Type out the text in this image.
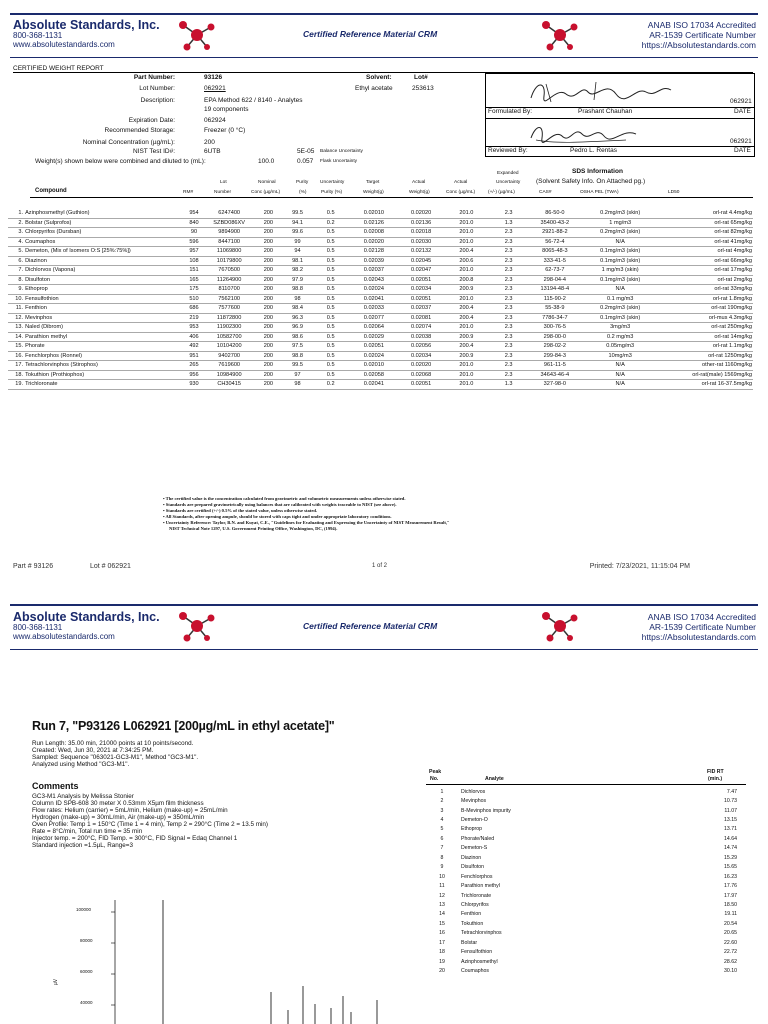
Absolute Standards, Inc.
800-368-1131
www.absolutestandards.com
Certified Reference Material CRM
ANAB ISO 17034 Accredited
AR-1539 Certificate Number
https://Absolutestandards.com
CERTIFIED WEIGHT REPORT
Part Number:	93126
Lot Number:	062921
Description:	EPA Method 622 / 8140 - Analytes
19 components
Expiration Date:	062924
Recommended Storage:	Freezer (0 °C)
Nominal Concentration (µg/mL):	200
NIST Test ID#:	6UTB	5E-05 Balance Uncertainty
Weight(s) shown below were combined and diluted to (mL):	100.0	0.057 Flask Uncertainty
Solvent:
Ethyl acetate
Lot#
253613
Formulated By:	Prashant Chauhan
062921
DATE
Reviewed By:	Pedro L. Rentas
062921
DATE
Expanded	SDS Information
Lot	Nominal	Purity Uncertainty	Target	Actual	Actual	Uncertainty (Solvent Safety Info. On Attached pg.)
Compound	RM#	Number	Conc (µg/mL)	(%)	Purity (%)	Weight(g)	Weight(g)	Conc (µg/mL)	(+/-) (µg/mL)	CAS#	OSHA PEL (TWA)	LD50
1.	Azinphosmethyl (Guthion)	954	6247400	200	99.5	0.5	0.02010	0.02020	201.0	2.3	86-50-0	0.2mg/m3 (skin)	orl-rat 4.4mg/kg
2.	Bolstar (Sulprofos)	840	SZBD086XV	200	94.1	0.2	0.02126	0.02136	201.0	1.3	35400-43-2	1 mg/m3	orl-rat 65mg/kg
3.	Chlorpyrifos (Dursban)	90	9894900	200	99.6	0.5	0.02008	0.02018	201.0	2.3	2921-88-2	0.2mg/m3 (skin)	orl-rat 82mg/kg
4.	Coumaphos	596	8447100	200	99	0.5	0.02020	0.02030	201.0	2.3	56-72-4	N/A	orl-rat 41mg/kg
5.	Demeton, (Mix of Isomers O:S [25%:75%])	957	11069800	200	94	0.5	0.02128	0.02132	200.4	2.3	8065-48-3	0.1mg/m3 (skin)	orl-rat 4mg/kg
6.	Diazinon	108	10179800	200	98.1	0.5	0.02039	0.02045	200.6	2.3	333-41-5	0.1mg/m3 (skin)	orl-rat 66mg/kg
7.	Dichlorvos (Vapona)	151	7670500	200	98.2	0.5	0.02037	0.02047	201.0	2.3	62-73-7	1 mg/m3 (skin)	orl-rat 17mg/kg
8.	Disulfoton	165	11264900	200	97.9	0.5	0.02043	0.02051	200.8	2.3	298-04-4	0.1mg/m3 (skin)	orl-rat 2mg/kg
9.	Ethoprop	175	8110700	200	98.8	0.5	0.02024	0.02034	200.9	2.3	13194-48-4	N/A	orl-rat 33mg/kg
10.	Fensulfothion	510	7562100	200	98	0.5	0.02041	0.02051	201.0	2.3	115-90-2	0.1 mg/m3	orl-rat 1.8mg/kg
11.	Fenthion	686	7577600	200	98.4	0.5	0.02033	0.02037	200.4	2.3	55-38-9	0.2mg/m3 (skin)	orl-rat 190mg/kg
12.	Mevinphos	219	11872800	200	96.3	0.5	0.02077	0.02081	200.4	2.3	7786-34-7	0.1mg/m3 (skin)	orl-mus 4.3mg/kg
13.	Naled (Dibrom)	953	11902300	200	96.9	0.5	0.02064	0.02074	201.0	2.3	300-76-5	3mg/m3	orl-rat 250mg/kg
14.	Parathion methyl	406	10582700	200	98.6	0.5	0.02029	0.02038	200.9	2.3	298-00-0	0.2 mg/m3	orl-rat 14mg/kg
15.	Phorate	492	10104200	200	97.5	0.5	0.02051	0.02056	200.4	2.3	298-02-2	0.05mg/m3	orl-rat 1.1mg/kg
16.	Fenchlorphos (Ronnel)	951	9402700	200	98.8	0.5	0.02024	0.02034	200.9	2.3	299-84-3	10mg/m3	orl-rat 1250mg/kg
17.	Tetrachlorvinphos (Stirophos)	265	7619600	200	99.5	0.5	0.02010	0.02020	201.0	2.3	961-11-5	N/A	other-rat 1160mg/kg
18.	Tokuthion (Prothiophos)	956	10984900	200	97	0.5	0.02058	0.02068	201.0	2.3	34643-46-4	N/A	orl-rat(male) 1569mg/kg
19.	Trichloronate	930	CH30415	200	98	0.2	0.02041	0.02051	201.0	1.3	327-98-0	N/A	orl-rat 16-37.5mg/kg
• The certified value is the concentration calculated from gravimetric and volumetric measurements unless otherwise stated.
• Standards are prepared gravimetrically using balances that are calibrated with weights traceable to NIST (see above).
• Standards are certified (+/-) 0.5% of the stated value, unless otherwise stated.
• All Standards, after opening ampule, should be stored with caps tight and under appropriate laboratory conditions.
• Uncertainty Reference: Taylor, B.N. and Kuyat, C.E., "Guidelines for Evaluating and Expressing the Uncertainty of NIST Measurement Result,"
NIST Technical Note 1297, U.S. Government Printing Office, Washington, DC, (1994).
Part # 93126	Lot # 062921	1 of 2	Printed: 7/23/2021, 11:15:04 PM
Absolute Standards, Inc.
800-368-1131
www.absolutestandards.com
Certified Reference Material CRM
ANAB ISO 17034 Accredited
AR-1539 Certificate Number
https://Absolutestandards.com
Run 7, "P93126 L062921 [200µg/mL in ethyl acetate]"
Run Length: 35.00 min, 21000 points at 10 points/second.
Created: Wed, Jun 30, 2021 at 7:34:25 PM.
Sampled: Sequence "063021-GC3-M1", Method "GC3-M1".
Analyzed using Method "GC3-M1".
Comments
GC3-M1 Analysis by Melissa Stonier
Column ID SPB-608 30 meter X 0.53mm X5µm film thickness
Flow rates: Helium (carrier) = 5mL/min, Helium (make-up) = 25mL/min
Hydrogen (make-up) = 30mL/min, Air (make-up) = 350mL/min
Oven Profile: Temp 1 = 150°C (Time 1 = 4 min), Temp 2 = 290°C (Time 2 = 13.5 min)
Rate = 8°C/min, Total run time = 35 min
Injector temp. = 200°C, FID Temp. = 300°C, FID Signal = Edaq Channel 1
Standard injection =1.5µL, Range=3
100000
80000
60000
40000
µV
Peak
No.	Analyte
FID RT
(min.)
1	Dichlorvos	7.47
2	Mevinphos	10.73
3	B-Mevinphos impurity	11.07
4	Demeton-O	13.15
5	Ethoprop	13.71
6	Phorate/Naled	14.64
7	Demeton-S	14.74
8	Diazinon	15.29
9	Disulfoton	15.65
10	Fenchlorphos	16.23
11	Parathion methyl	17.76
12	Trichloronate	17.97
13	Chlorpyrifos	18.50
14	Fenthion	19.11
15	Tokuthion	20.54
16	Tetrachlorvinphos	20.65
17	Bolstar	22.60
18	Fensulfothion	22.72
19	Azinphosmethyl	28.62
20	Coumaphos	30.10
